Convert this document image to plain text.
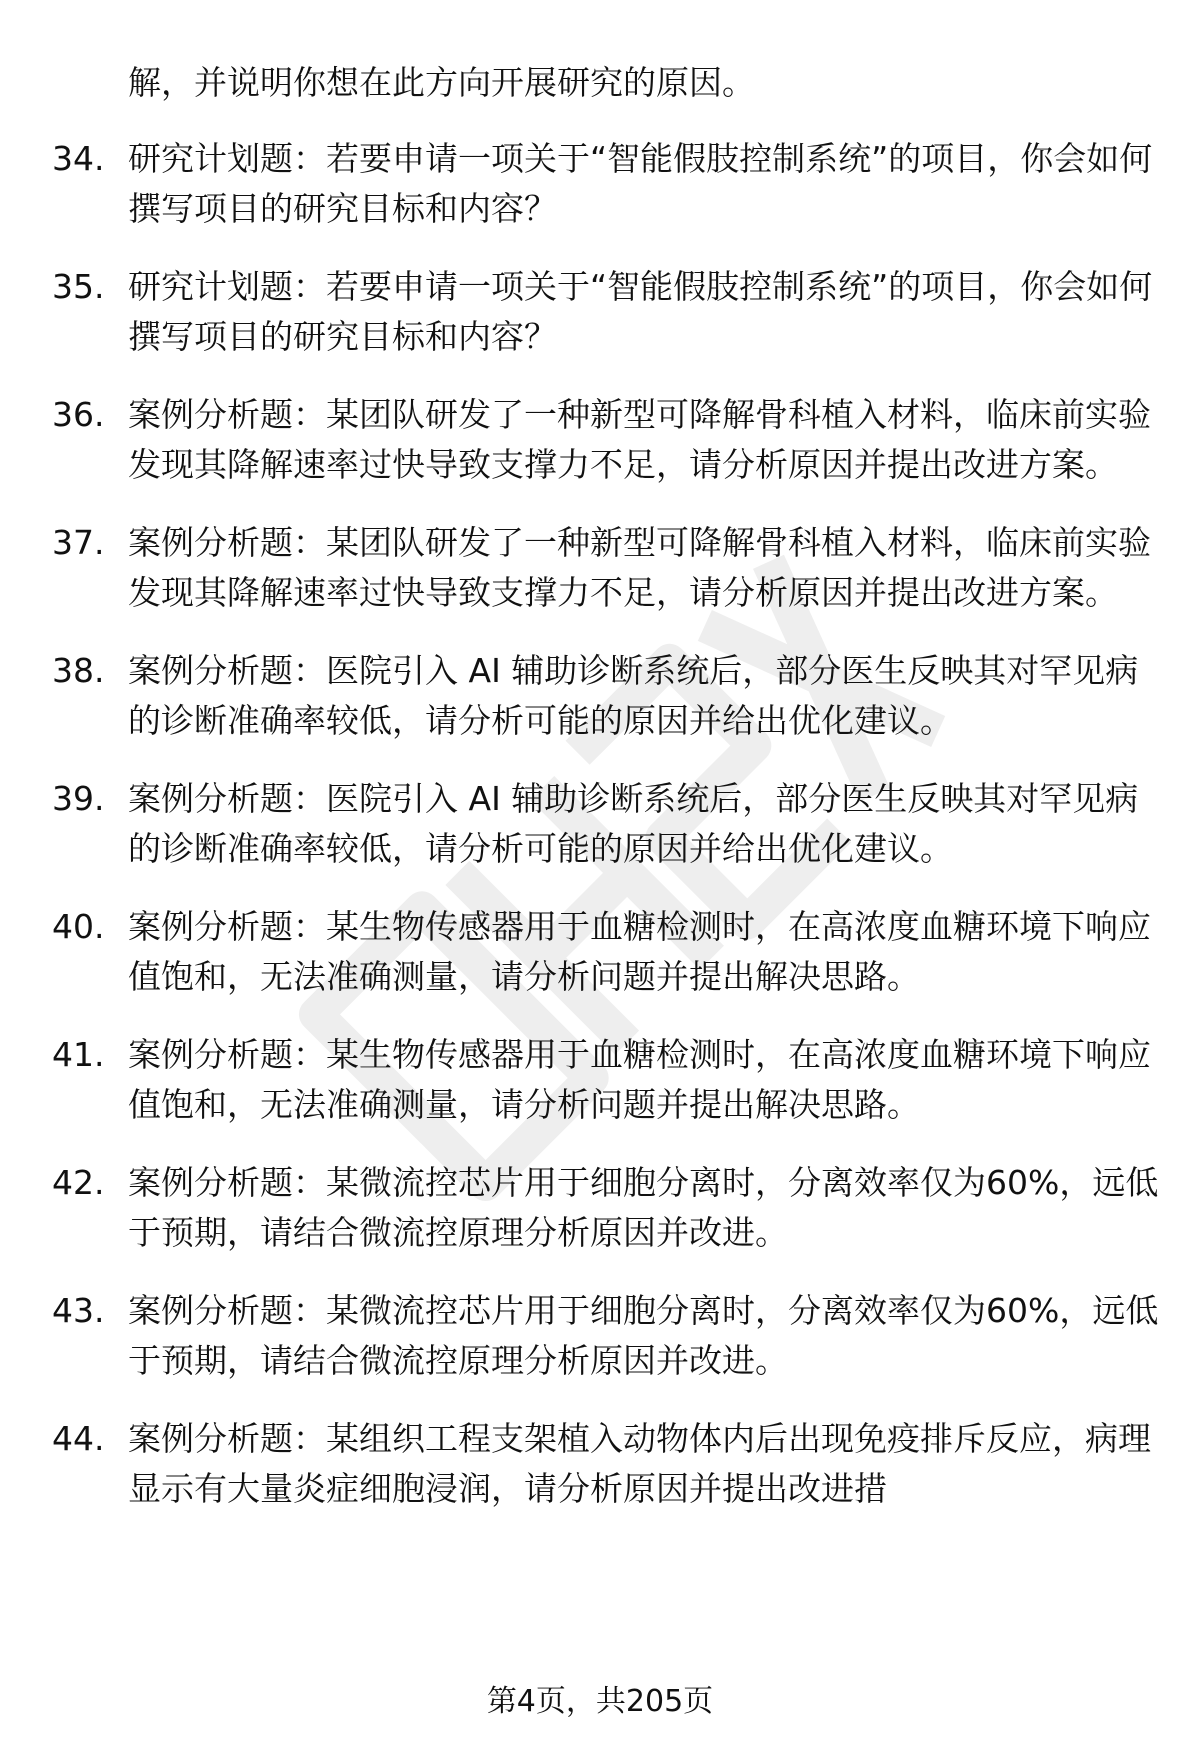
解，并说明你想在此方向开展研究的原因。

34. 研究计划题：若要申请一项关于“智能假肢控制系统”的项目，你会如何撰写项目的研究目标和内容？
35. 研究计划题：若要申请一项关于“智能假肢控制系统”的项目，你会如何撰写项目的研究目标和内容？
36. 案例分析题：某团队研发了一种新型可降解骨科植入材料，临床前实验发现其降解速率过快导致支撑力不足，请分析原因并提出改进方案。
37. 案例分析题：某团队研发了一种新型可降解骨科植入材料，临床前实验发现其降解速率过快导致支撑力不足，请分析原因并提出改进方案。
38. 案例分析题：医院引入 AI 辅助诊断系统后，部分医生反映其对罕见病的诊断准确率较低，请分析可能的原因并给出优化建议。
39. 案例分析题：医院引入 AI 辅助诊断系统后，部分医生反映其对罕见病的诊断准确率较低，请分析可能的原因并给出优化建议。
40. 案例分析题：某生物传感器用于血糖检测时，在高浓度血糖环境下响应值饱和，无法准确测量，请分析问题并提出解决思路。
41. 案例分析题：某生物传感器用于血糖检测时，在高浓度血糖环境下响应值饱和，无法准确测量，请分析问题并提出解决思路。
42. 案例分析题：某微流控芯片用于细胞分离时，分离效率仅为60%，远低于预期，请结合微流控原理分析原因并改进。
43. 案例分析题：某微流控芯片用于细胞分离时，分离效率仅为60%，远低于预期，请结合微流控原理分析原因并改进。
44. 案例分析题：某组织工程支架植入动物体内后出现免疫排斥反应，病理显示有大量炎症细胞浸润，请分析原因并提出改进措
第4页，共205页
